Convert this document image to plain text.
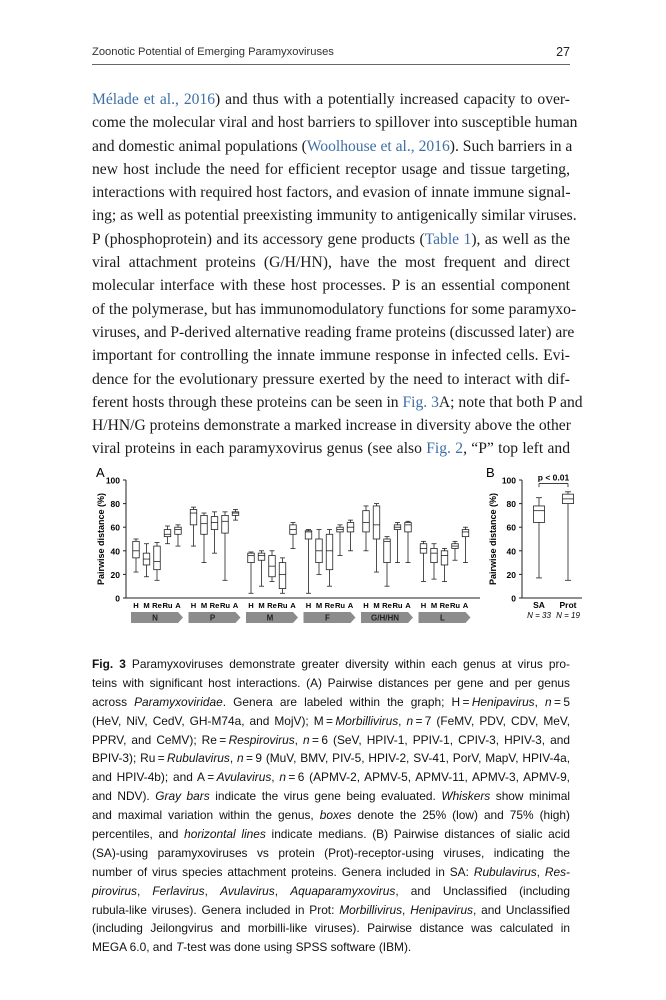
Zoonotic Potential of Emerging Paramyxoviruses	27
Mélade et al., 2016) and thus with a potentially increased capacity to over-
come the molecular viral and host barriers to spillover into susceptible human
and domestic animal populations (Woolhouse et al., 2016). Such barriers in a
new host include the need for efficient receptor usage and tissue targeting,
interactions with required host factors, and evasion of innate immune signal-
ing; as well as potential preexisting immunity to antigenically similar viruses.
P (phosphoprotein) and its accessory gene products (Table 1), as well as the
viral attachment proteins (G/H/HN), have the most frequent and direct
molecular interface with these host processes. P is an essential component
of the polymerase, but has immunomodulatory functions for some paramyxo-
viruses, and P-derived alternative reading frame proteins (discussed later) are
important for controlling the innate immune response in infected cells. Evi-
dence for the evolutionary pressure exerted by the need to interact with dif-
ferent hosts through these proteins can be seen in Fig. 3A; note that both P and
H/HN/G proteins demonstrate a marked increase in diversity above the other
viral proteins in each paramyxovirus genus (see also Fig. 2, “P” top left and
A
0
20
40
60
80
100
Pairwise distance (%)
H M Re Ru A
N
H M Re Ru A
P
H M Re Ru A
M
H M Re Ru A
F
H M Re Ru A
G/H/HN
H M Re Ru A
L
B
0
20
40
60
80
100
Pairwise distance (%)
SA
N = 33
Prot
N = 19
p < 0.01
Fig. 3 Paramyxoviruses demonstrate greater diversity within each genus at virus pro-
teins with significant host interactions. (A) Pairwise distances per gene and per genus
across Paramyxoviridae. Genera are labeled within the graph; H = Henipavirus, n = 5
(HeV, NiV, CedV, GH-M74a, and MojV); M = Morbillivirus, n = 7 (FeMV, PDV, CDV, MeV,
PPRV, and CeMV); Re = Respirovirus, n = 6 (SeV, HPIV-1, PPIV-1, CPIV-3, HPIV-3, and
BPIV-3); Ru = Rubulavirus, n = 9 (MuV, BMV, PIV-5, HPIV-2, SV-41, PorV, MapV, HPIV-4a,
and HPIV-4b); and A = Avulavirus, n = 6 (APMV-2, APMV-5, APMV-11, APMV-3, APMV-9,
and NDV). Gray bars indicate the virus gene being evaluated. Whiskers show minimal
and maximal variation within the genus, boxes denote the 25% (low) and 75% (high)
percentiles, and horizontal lines indicate medians. (B) Pairwise distances of sialic acid
(SA)-using paramyxoviruses vs protein (Prot)-receptor-using viruses, indicating the
number of virus species attachment proteins. Genera included in SA: Rubulavirus, Res-
pirovirus, Ferlavirus, Avulavirus, Aquaparamyxovirus, and Unclassified (including
rubula-like viruses). Genera included in Prot: Morbillivirus, Henipavirus, and Unclassified
(including Jeilongvirus and morbilli-like viruses). Pairwise distance was calculated in
MEGA 6.0, and T-test was done using SPSS software (IBM).
